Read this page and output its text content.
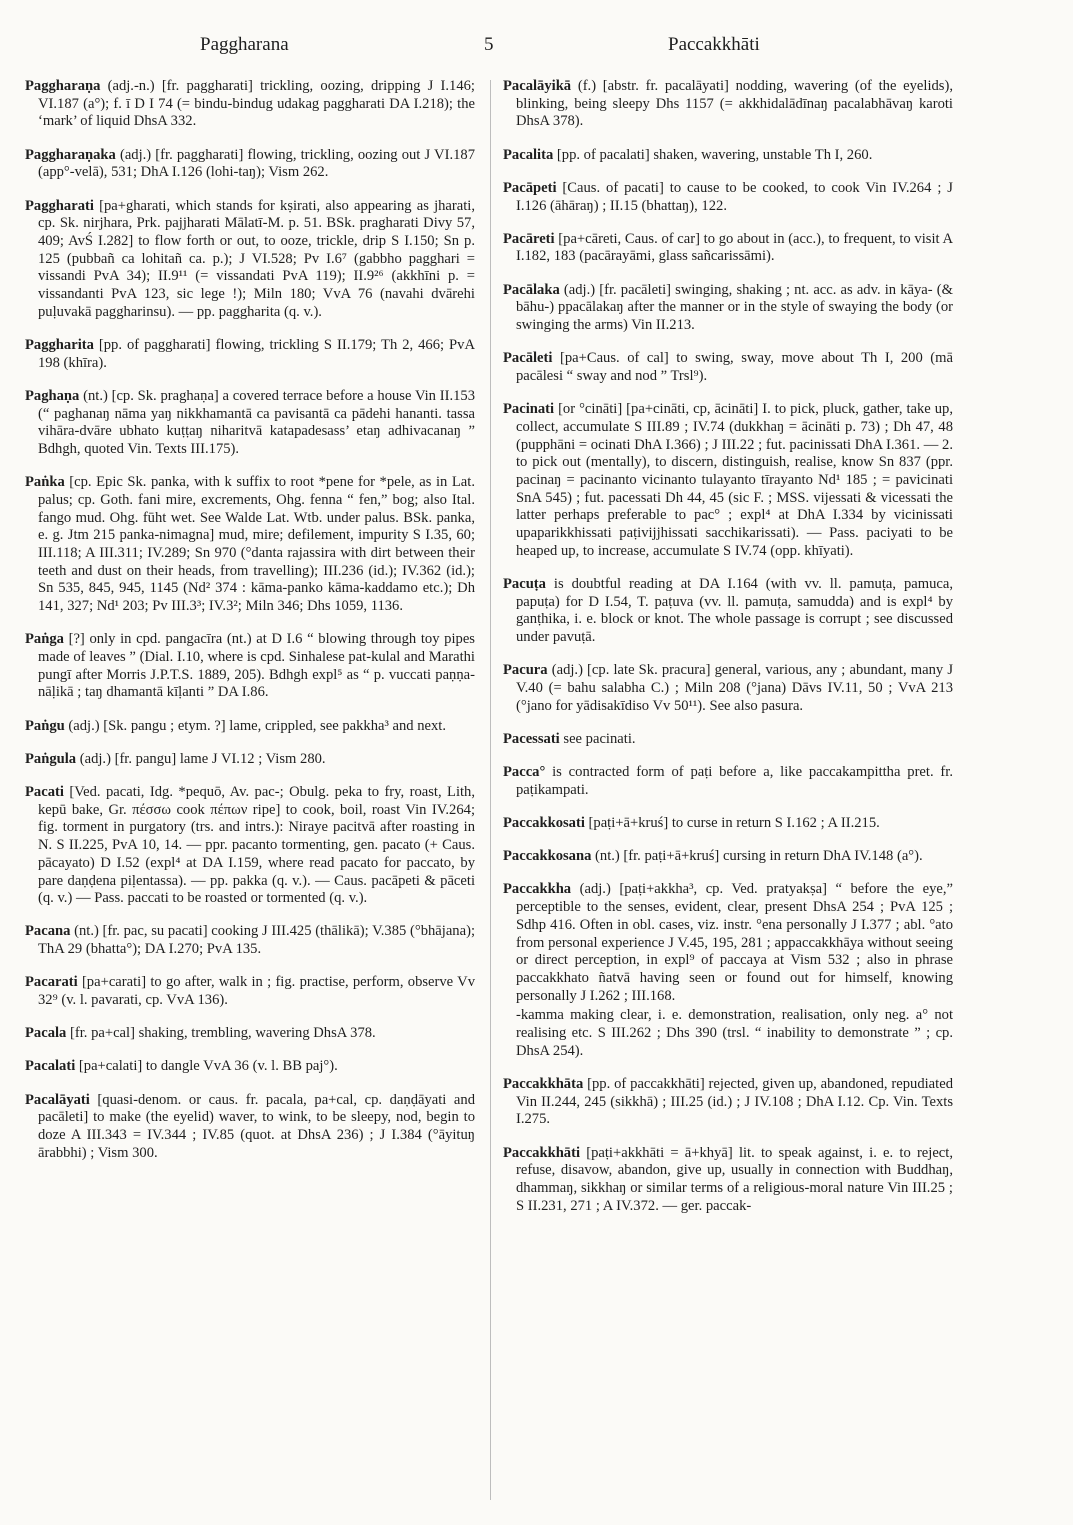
Paggharana	5	Paccakkhāti
Paggharaṇa (adj.-n.) [fr. paggharati] trickling, oozing, dripping J I.146; VI.187 (a°); f. ī D I 74 (= bindu-bindug udakag paggharati DA I.218); the ‘mark’ of liquid DhsA 332.
Paggharaṇaka (adj.) [fr. paggharati] flowing, trickling, oozing out J VI.187 (app°-velā), 531; DhA I.126 (lohi-taŋ); Vism 262.
Paggharati [pa+gharati, which stands for kṣirati, also appearing as jharati, cp. Sk. nirjhara, Prk. pajjharati Mālatī-M. p. 51. BSk. pragharati Divy 57, 409; AvŚ I.282] to flow forth or out, to ooze, trickle, drip S I.150; Sn p. 125 (pubbañ ca lohitañ ca. p.); J VI.528; Pv I.6⁷ (gabbho pagghari = vissandi PvA 34); II.9¹¹ (= vissandati PvA 119); II.9²⁶ (akkhīni p. = vissandanti PvA 123, sic lege !); Miln 180; VvA 76 (navahi dvārehi puḷuvakā paggharinsu). — pp. paggharita (q. v.).
Paggharita [pp. of paggharati] flowing, trickling S II.179; Th 2, 466; PvA 198 (khīra).
Paghaṇa (nt.) [cp. Sk. praghaṇa] a covered terrace before a house Vin II.153 (“ paghanaŋ nāma yaŋ nikkhamantā ca pavisantā ca pādehi hananti. tassa vihāra-dvāre ubhato kuṭṭaŋ niharitvā katapadesass’ etaŋ adhivacanaŋ ” Bdhgh, quoted Vin. Texts III.175).
Paṅka [cp. Epic Sk. panka, with k suffix to root *pene for *pele, as in Lat. palus; cp. Goth. fani mire, excrements, Ohg. fenna “ fen,” bog; also Ital. fango mud. Ohg. fūht wet. See Walde Lat. Wtb. under palus. BSk. panka, e. g. Jtm 215 panka-nimagna] mud, mire; defilement, impurity S I.35, 60; III.118; A III.311; IV.289; Sn 970 (°danta rajassira with dirt between their teeth and dust on their heads, from travelling); III.236 (id.); IV.362 (id.); Sn 535, 845, 945, 1145 (Nd² 374 : kāma-panko kāma-kaddamo etc.); Dh 141, 327; Nd¹ 203; Pv III.3³; IV.3²; Miln 346; Dhs 1059, 1136.
Paṅga [?] only in cpd. pangacīra (nt.) at D I.6 “ blowing through toy pipes made of leaves ” (Dial. I.10, where is cpd. Sinhalese pat-kulal and Marathi pungī after Morris J.P.T.S. 1889, 205). Bdhgh expl⁵ as “ p. vuccati paṇṇa-nāḷikā ; taŋ dhamantā kīḷanti ” DA I.86.
Paṅgu (adj.) [Sk. pangu ; etym. ?] lame, crippled, see pakkha³ and next.
Paṅgula (adj.) [fr. pangu] lame J VI.12 ; Vism 280.
Pacati [Ved. pacati, Idg. *pequō, Av. pac-; Obulg. peka to fry, roast, Lith, kepū bake, Gr. πέσσω cook πέπων ripe] to cook, boil, roast Vin IV.264; fig. torment in purgatory (trs. and intrs.): Niraye pacitvā after roasting in N. S II.225, PvA 10, 14. — ppr. pacanto tormenting, gen. pacato (+ Caus. pācayato) D I.52 (expl⁴ at DA I.159, where read pacato for paccato, by pare daṇḍena piḷentassa). — pp. pakka (q. v.). — Caus. pacāpeti & pāceti (q. v.) — Pass. paccati to be roasted or tormented (q. v.).
Pacana (nt.) [fr. pac, su pacati] cooking J III.425 (thālikā); V.385 (°bhājana); ThA 29 (bhatta°); DA I.270; PvA 135.
Pacarati [pa+carati] to go after, walk in ; fig. practise, perform, observe Vv 32⁹ (v. l. pavarati, cp. VvA 136).
Pacala [fr. pa+cal] shaking, trembling, wavering DhsA 378.
Pacalati [pa+calati] to dangle VvA 36 (v. l. BB paj°).
Pacalāyati [quasi-denom. or caus. fr. pacala, pa+cal, cp. daṇḍāyati and pacāleti] to make (the eyelid) waver, to wink, to be sleepy, nod, begin to doze A III.343 = IV.344 ; IV.85 (quot. at DhsA 236) ; J I.384 (°āyituŋ ārabbhi) ; Vism 300.
Pacalāyikā (f.) [abstr. fr. pacalāyati] nodding, wavering (of the eyelids), blinking, being sleepy Dhs 1157 (= akkhidalādīnaŋ pacalabhāvaŋ karoti DhsA 378).
Pacalita [pp. of pacalati] shaken, wavering, unstable Th I, 260.
Pacāpeti [Caus. of pacati] to cause to be cooked, to cook Vin IV.264 ; J I.126 (āhāraŋ) ; II.15 (bhattaŋ), 122.
Pacāreti [pa+cāreti, Caus. of car] to go about in (acc.), to frequent, to visit A I.182, 183 (pacārayāmi, glass sañcarissāmi).
Pacālaka (adj.) [fr. pacāleti] swinging, shaking ; nt. acc. as adv. in kāya- (& bāhu-) ppacālakaŋ after the manner or in the style of swaying the body (or swinging the arms) Vin II.213.
Pacāleti [pa+Caus. of cal] to swing, sway, move about Th I, 200 (mā pacālesi “ sway and nod ” Trsl⁹).
Pacinati [or °cināti] [pa+cināti, cp, ācināti] I. to pick, pluck, gather, take up, collect, accumulate S III.89 ; IV.74 (dukkhaŋ = ācināti p. 73) ; Dh 47, 48 (pupphāni = ocinati DhA I.366) ; J III.22 ; fut. pacinissati DhA I.361. — 2. to pick out (mentally), to discern, distinguish, realise, know Sn 837 (ppr. pacinaŋ = pacinanto vicinanto tulayanto tīrayanto Nd¹ 185 ; = pavicinati SnA 545) ; fut. pacessati Dh 44, 45 (sic F. ; MSS. vijessati & vicessati the latter perhaps preferable to pac° ; expl⁴ at DhA I.334 by vicinissati upaparikkhissati paṭivijjhissati sacchikarissati). — Pass. paciyati to be heaped up, to increase, accumulate S IV.74 (opp. khīyati).
Pacuṭa is doubtful reading at DA I.164 (with vv. ll. pamuṭa, pamuca, papuṭa) for D I.54, T. paṭuva (vv. ll. pamuṭa, samudda) and is expl⁴ by ganṭhika, i. e. block or knot. The whole passage is corrupt ; see discussed under pavuṭā.
Pacura (adj.) [cp. late Sk. pracura] general, various, any ; abundant, many J V.40 (= bahu salabha C.) ; Miln 208 (°jana) Dāvs IV.11, 50 ; VvA 213 (°jano for yādisakīdiso Vv 50¹¹). See also pasura.
Pacessati see pacinati.
Pacca° is contracted form of paṭi before a, like paccakampittha pret. fr. paṭikampati.
Paccakkosati [paṭi+ā+kruś] to curse in return S I.162 ; A II.215.
Paccakkosana (nt.) [fr. paṭi+ā+kruś] cursing in return DhA IV.148 (a°).
Paccakkha (adj.) [paṭi+akkha³, cp. Ved. pratyakṣa] “ before the eye,” perceptible to the senses, evident, clear, present DhsA 254 ; PvA 125 ; Sdhp 416. Often in obl. cases, viz. instr. °ena personally J I.377 ; abl. °ato from personal experience J V.45, 195, 281 ; appaccakkhāya without seeing or direct perception, in expl⁹ of paccaya at Vism 532 ; also in phrase paccakkhato ñatvā having seen or found out for himself, knowing personally J I.262 ; III.168.
-kamma making clear, i. e. demonstration, realisation, only neg. a° not realising etc. S III.262 ; Dhs 390 (trsl. “ inability to demonstrate ” ; cp. DhsA 254).
Paccakkhāta [pp. of paccakkhāti] rejected, given up, abandoned, repudiated Vin II.244, 245 (sikkhā) ; III.25 (id.) ; J IV.108 ; DhA I.12. Cp. Vin. Texts I.275.
Paccakkhāti [paṭi+akkhāti = ā+khyā] lit. to speak against, i. e. to reject, refuse, disavow, abandon, give up, usually in connection with Buddhaŋ, dhammaŋ, sikkhaŋ or similar terms of a religious-moral nature Vin III.25 ; S II.231, 271 ; A IV.372. — ger. paccak-
